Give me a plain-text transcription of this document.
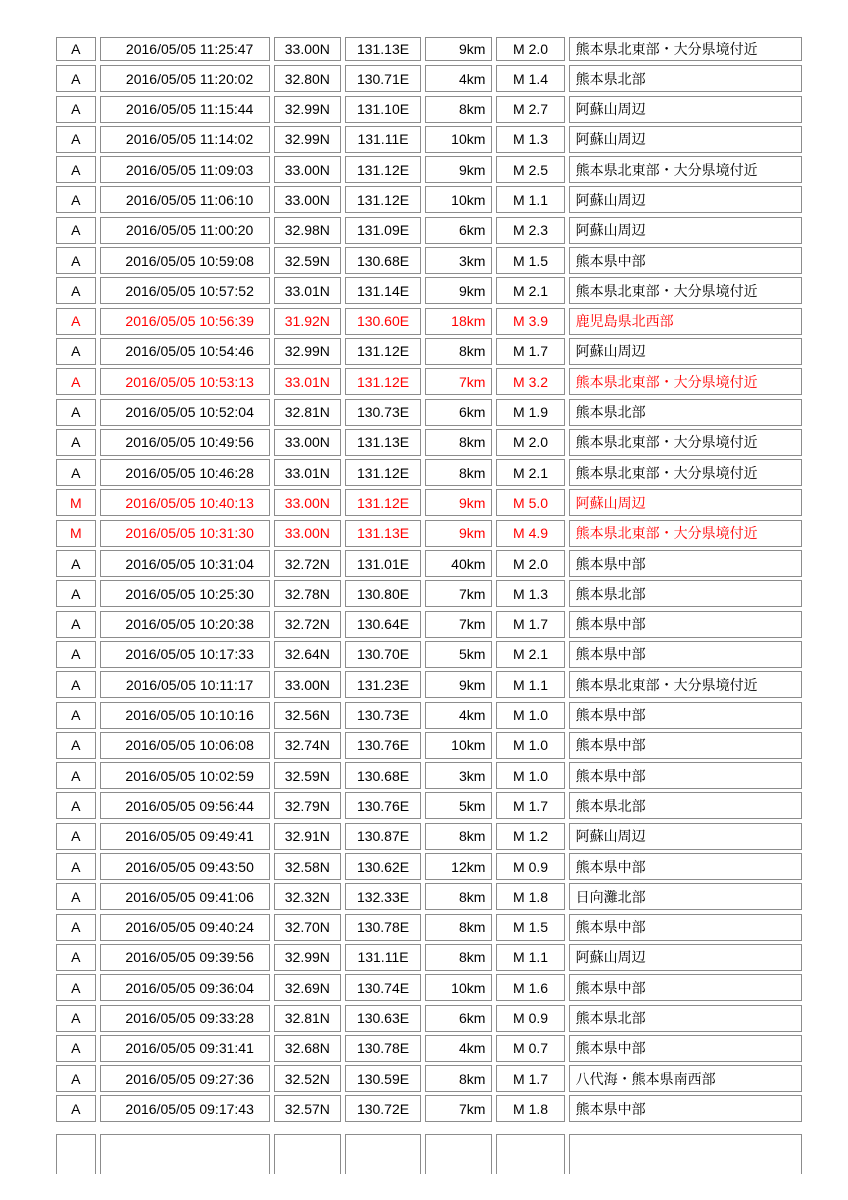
A	2016/05/05 11:25:47	33.00N	131.13E	9km	M 2.0	熊本県北東部・大分県境付近
A	2016/05/05 11:20:02	32.80N	130.71E	4km	M 1.4	熊本県北部
A	2016/05/05 11:15:44	32.99N	131.10E	8km	M 2.7	阿蘇山周辺
A	2016/05/05 11:14:02	32.99N	131.11E	10km	M 1.3	阿蘇山周辺
A	2016/05/05 11:09:03	33.00N	131.12E	9km	M 2.5	熊本県北東部・大分県境付近
A	2016/05/05 11:06:10	33.00N	131.12E	10km	M 1.1	阿蘇山周辺
A	2016/05/05 11:00:20	32.98N	131.09E	6km	M 2.3	阿蘇山周辺
A	2016/05/05 10:59:08	32.59N	130.68E	3km	M 1.5	熊本県中部
A	2016/05/05 10:57:52	33.01N	131.14E	9km	M 2.1	熊本県北東部・大分県境付近
A	2016/05/05 10:56:39	31.92N	130.60E	18km	M 3.9	鹿児島県北西部
A	2016/05/05 10:54:46	32.99N	131.12E	8km	M 1.7	阿蘇山周辺
A	2016/05/05 10:53:13	33.01N	131.12E	7km	M 3.2	熊本県北東部・大分県境付近
A	2016/05/05 10:52:04	32.81N	130.73E	6km	M 1.9	熊本県北部
A	2016/05/05 10:49:56	33.00N	131.13E	8km	M 2.0	熊本県北東部・大分県境付近
A	2016/05/05 10:46:28	33.01N	131.12E	8km	M 2.1	熊本県北東部・大分県境付近
M	2016/05/05 10:40:13	33.00N	131.12E	9km	M 5.0	阿蘇山周辺
M	2016/05/05 10:31:30	33.00N	131.13E	9km	M 4.9	熊本県北東部・大分県境付近
A	2016/05/05 10:31:04	32.72N	131.01E	40km	M 2.0	熊本県中部
A	2016/05/05 10:25:30	32.78N	130.80E	7km	M 1.3	熊本県北部
A	2016/05/05 10:20:38	32.72N	130.64E	7km	M 1.7	熊本県中部
A	2016/05/05 10:17:33	32.64N	130.70E	5km	M 2.1	熊本県中部
A	2016/05/05 10:11:17	33.00N	131.23E	9km	M 1.1	熊本県北東部・大分県境付近
A	2016/05/05 10:10:16	32.56N	130.73E	4km	M 1.0	熊本県中部
A	2016/05/05 10:06:08	32.74N	130.76E	10km	M 1.0	熊本県中部
A	2016/05/05 10:02:59	32.59N	130.68E	3km	M 1.0	熊本県中部
A	2016/05/05 09:56:44	32.79N	130.76E	5km	M 1.7	熊本県北部
A	2016/05/05 09:49:41	32.91N	130.87E	8km	M 1.2	阿蘇山周辺
A	2016/05/05 09:43:50	32.58N	130.62E	12km	M 0.9	熊本県中部
A	2016/05/05 09:41:06	32.32N	132.33E	8km	M 1.8	日向灘北部
A	2016/05/05 09:40:24	32.70N	130.78E	8km	M 1.5	熊本県中部
A	2016/05/05 09:39:56	32.99N	131.11E	8km	M 1.1	阿蘇山周辺
A	2016/05/05 09:36:04	32.69N	130.74E	10km	M 1.6	熊本県中部
A	2016/05/05 09:33:28	32.81N	130.63E	6km	M 0.9	熊本県北部
A	2016/05/05 09:31:41	32.68N	130.78E	4km	M 0.7	熊本県中部
A	2016/05/05 09:27:36	32.52N	130.59E	8km	M 1.7	八代海・熊本県南西部
A	2016/05/05 09:17:43	32.57N	130.72E	7km	M 1.8	熊本県中部
